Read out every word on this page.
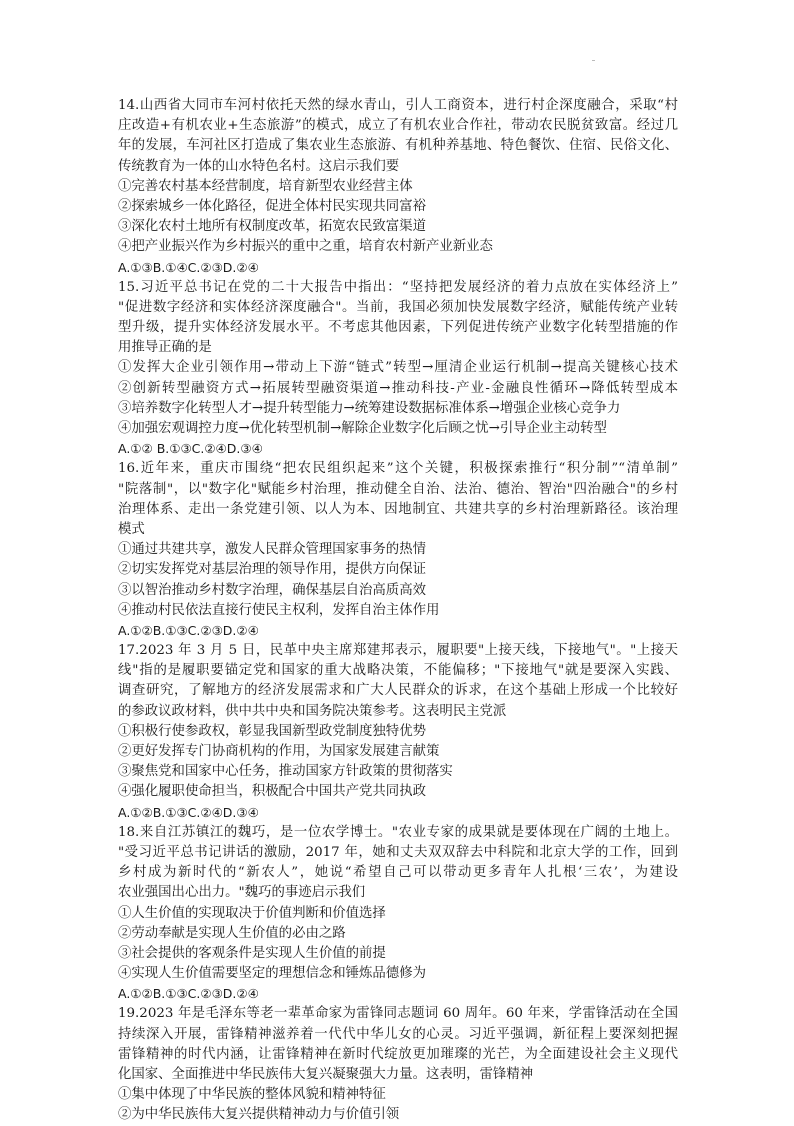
14.山西省大同市车河村依托天然的绿水青山，引人工商资本，进行村企深度融合，采取“村
庄改造+有机农业+生态旅游”的模式，成立了有机农业合作社，带动农民脱贫致富。经过几
年的发展，车河社区打造成了集农业生态旅游、有机种养基地、特色餐饮、住宿、民俗文化、
传统教育为一体的山水特色名村。这启示我们要
①完善农村基本经营制度，培育新型农业经营主体
②探索城乡一体化路径，促进全体村民实现共同富裕
③深化农村土地所有权制度改革，拓宽农民致富渠道
④把产业振兴作为乡村振兴的重中之重，培育农村新产业新业态
A.①③B.①④C.②③D.②④
15.习近平总书记在党的二十大报告中指出：“坚持把发展经济的着力点放在实体经济上”
"促进数字经济和实体经济深度融合"。当前，我国必须加快发展数字经济，赋能传统产业转
型升级，提升实体经济发展水平。不考虑其他因素，下列促进传统产业数字化转型措施的作
用推导正确的是
①发挥大企业引领作用→带动上下游“链式”转型→厘清企业运行机制→提高关键核心技术
②创新转型融资方式→拓展转型融资渠道→推动科技-产业-金融良性循环→降低转型成本
③培养数字化转型人才→提升转型能力→统筹建设数据标准体系→增强企业核心竞争力
④加强宏观调控力度→优化转型机制→解除企业数字化后顾之忧→引导企业主动转型
A.①② B.①③C.②④D.③④
16.近年来，重庆市围绕“把农民组织起来”这个关键，积极探索推行“积分制”“清单制”
"院落制"，以"数字化"赋能乡村治理，推动健全自治、法治、德治、智治"四治融合"的乡村
治理体系、走出一条党建引领、以人为本、因地制宜、共建共享的乡村治理新路径。该治理
模式
①通过共建共享，激发人民群众管理国家事务的热情
②切实发挥党对基层治理的领导作用，提供方向保证
③以智治推动乡村数字治理，确保基层自治高质高效
④推动村民依法直接行使民主权利，发挥自治主体作用
A.①②B.①③C.②③D.②④
17.2023 年 3 月 5 日，民革中央主席郑建邦表示，履职要"上接天线，下接地气"。"上接天
线"指的是履职要锚定党和国家的重大战略决策，不能偏移；"下接地气"就是要深入实践、
调查研究，了解地方的经济发展需求和广大人民群众的诉求，在这个基础上形成一个比较好
的参政议政材料，供中共中央和国务院决策参考。这表明民主党派
①积极行使参政权，彰显我国新型政党制度独特优势
②更好发挥专门协商机构的作用，为国家发展建言献策
③聚焦党和国家中心任务，推动国家方针政策的贯彻落实
④强化履职使命担当，积极配合中国共产党共同执政
A.①②B.①③C.②④D.③④
18.来自江苏镇江的魏巧，是一位农学博士。"农业专家的成果就是要体现在广阔的土地上。
"受习近平总书记讲话的激励，2017 年，她和丈夫双双辞去中科院和北京大学的工作，回到
乡村成为新时代的“新农人”，她说“希望自己可以带动更多青年人扎根‘三农’，为建设
农业强国出心出力。"魏巧的事迹启示我们
①人生价值的实现取决于价值判断和价值选择
②劳动奉献是实现人生价值的必由之路
③社会提供的客观条件是实现人生价值的前提
④实现人生价值需要坚定的理想信念和锤炼品德修为
A.①②B.①③C.②③D.②④
19.2023 年是毛泽东等老一辈革命家为雷锋同志题词 60 周年。60 年来，学雷锋活动在全国
持续深入开展，雷锋精神滋养着一代代中华儿女的心灵。习近平强调，新征程上要深刻把握
雷锋精神的时代内涵，让雷锋精神在新时代绽放更加璀璨的光芒，为全面建设社会主义现代
化国家、全面推进中华民族伟大复兴凝聚强大力量。这表明，雷锋精神
①集中体现了中华民族的整体风貌和精神特征
②为中华民族伟大复兴提供精神动力与价值引领
